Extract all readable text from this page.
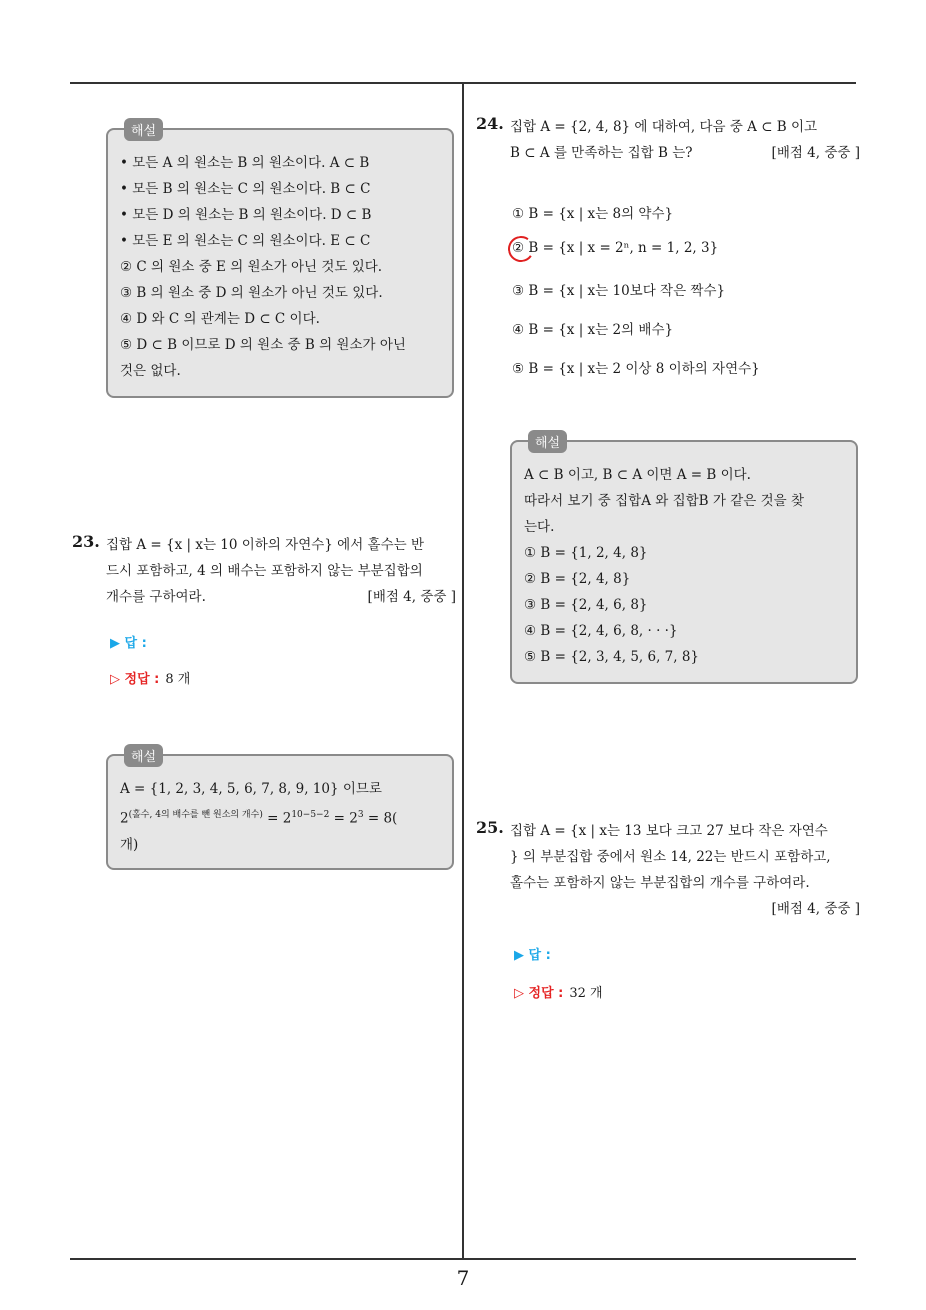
해설
• 모든 A 의 원소는 B 의 원소이다. A ⊂ B
• 모든 B 의 원소는 C 의 원소이다. B ⊂ C
• 모든 D 의 원소는 B 의 원소이다. D ⊂ B
• 모든 E 의 원소는 C 의 원소이다. E ⊂ C
② C 의 원소 중 E 의 원소가 아닌 것도 있다.
③ B 의 원소 중 D 의 원소가 아닌 것도 있다.
④ D 와 C 의 관계는 D ⊂ C 이다.
⑤ D ⊂ B 이므로 D 의 원소 중 B 의 원소가 아닌
것은 없다.
23. 집합 A = {x | x는 10 이하의 자연수} 에서 홀수는 반
드시 포함하고, 4 의 배수는 포함하지 않는 부분집합의
개수를 구하여라.	[배점 4, 중중 ]
▶ 답 :
▷ 정답 : 8 개
해설
A = {1, 2, 3, 4, 5, 6, 7, 8, 9, 10} 이므로
$2^{(홀수, 4의 배수를 뺀 원소의 개수)} = 2^{10-5-2} = 2^3 = 8$(
개)
24. 집합 A = {2, 4, 8} 에 대하여, 다음 중 A ⊂ B 이고
B ⊂ A 를 만족하는 집합 B 는?	[배점 4, 중중 ]
① B = {x | x는 8의 약수}
② B = {x | x = 2ⁿ, n = 1, 2, 3}
③ B = {x | x는 10보다 작은 짝수}
④ B = {x | x는 2의 배수}
⑤ B = {x | x는 2 이상 8 이하의 자연수}
해설
A ⊂ B 이고, B ⊂ A 이면 A = B 이다.
따라서 보기 중 집합A 와 집합B 가 같은 것을 찾
는다.
① B = {1, 2, 4, 8}
② B = {2, 4, 8}
③ B = {2, 4, 6, 8}
④ B = {2, 4, 6, 8, · · ·}
⑤ B = {2, 3, 4, 5, 6, 7, 8}
25. 집합 A = {x | x는 13 보다 크고 27 보다 작은 자연수
} 의 부분집합 중에서 원소 14, 22는 반드시 포함하고,
홀수는 포함하지 않는 부분집합의 개수를 구하여라.
[배점 4, 중중 ]
▶ 답 :
▷ 정답 : 32 개
7
